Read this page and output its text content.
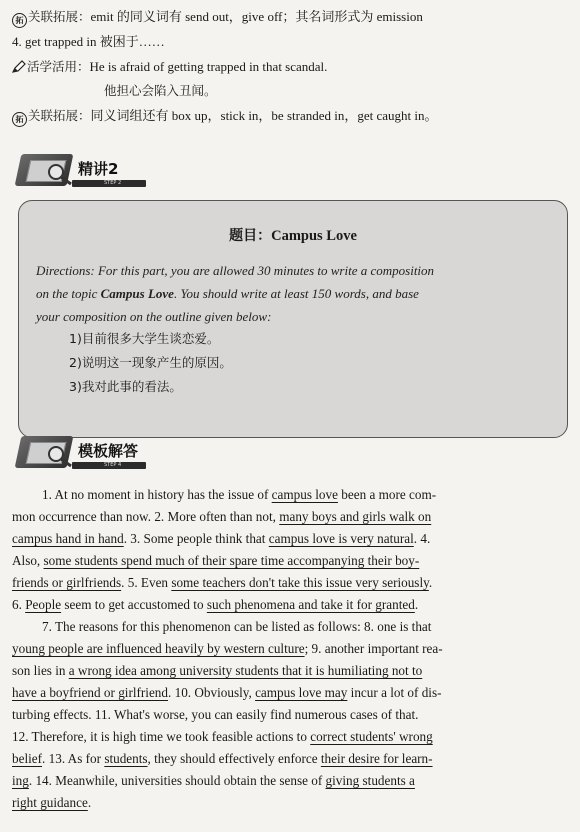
拓 关联拓展：emit 的同义词有 send out，give off；其名词形式为 emission
4. get trapped in 被困于……
活学活用：He is afraid of getting trapped in that scandal.
他担心会陷入丑闻。
拓 关联拓展：同义词组还有 box up，stick in，be stranded in，get caught in。
精讲2
STEP 2
题目：Campus Love
Directions: For this part, you are allowed 30 minutes to write a composition
on the topic Campus Love. You should write at least 150 words, and base
your composition on the outline given below:
1)目前很多大学生谈恋爱。
2)说明这一现象产生的原因。
3)我对此事的看法。
模板解答
STEP 4
1. At no moment in history has the issue of campus love been a more com-
mon occurrence than now. 2. More often than not, many boys and girls walk on
campus hand in hand. 3. Some people think that campus love is very natural. 4.
Also, some students spend much of their spare time accompanying their boy-
friends or girlfriends. 5. Even some teachers don't take this issue very seriously.
6. People seem to get accustomed to such phenomena and take it for granted.
7. The reasons for this phenomenon can be listed as follows: 8. one is that
young people are influenced heavily by western culture; 9. another important rea-
son lies in a wrong idea among university students that it is humiliating not to
have a boyfriend or girlfriend. 10. Obviously, campus love may incur a lot of dis-
turbing effects. 11. What's worse, you can easily find numerous cases of that.
12. Therefore, it is high time we took feasible actions to correct students' wrong
belief. 13. As for students, they should effectively enforce their desire for learn-
ing. 14. Meanwhile, universities should obtain the sense of giving students a
right guidance.
